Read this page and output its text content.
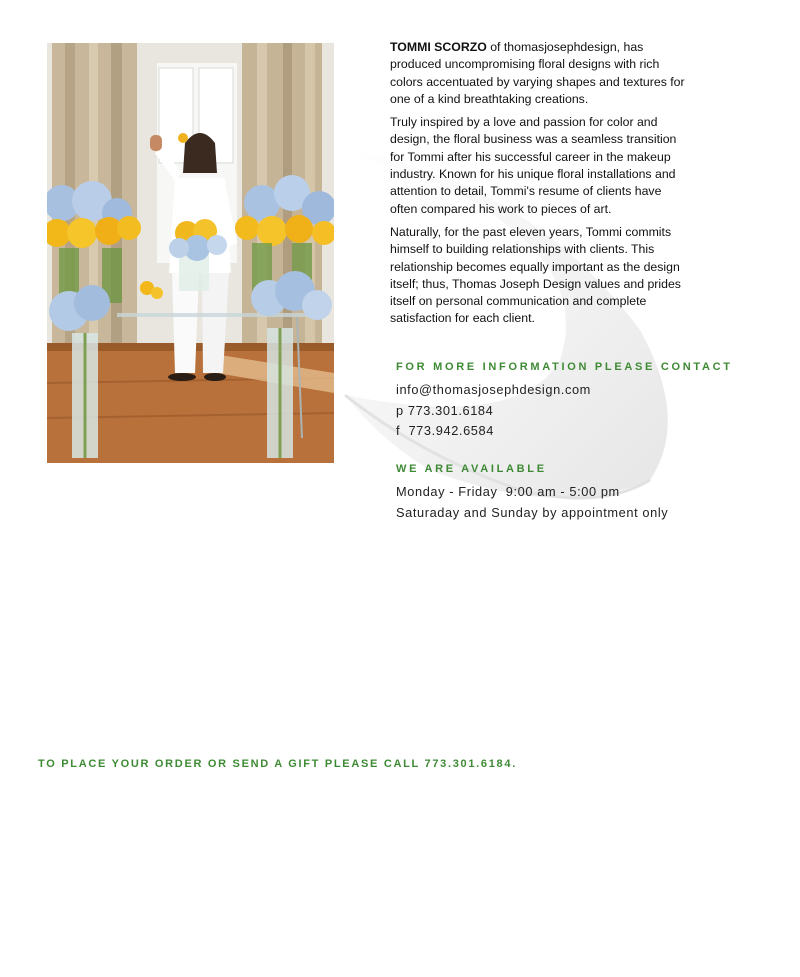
TOMMI SCORZO of thomasjosephdesign, has produced uncompromising floral designs with rich colors accentuated by varying shapes and textures for one of a kind breathtaking creations.

Truly inspired by a love and passion for color and design, the floral business was a seamless transition for Tommi after his successful career in the makeup industry. Known for his unique floral installations and attention to detail, Tommi's resume of clients have often compared his work to pieces of art.

Naturally, for the past eleven years, Tommi commits himself to building relationships with clients. This relationship becomes equally important as the design itself; thus, Thomas Joseph Design values and prides itself on personal communication and complete satisfaction for each client.

FOR MORE INFORMATION PLEASE CONTACT
info@thomasjosephdesign.com
p 773.301.6184
f  773.942.6584
WE ARE AVAILABLE
Monday - Friday  9:00 am - 5:00 pm
Saturaday and Sunday by appointment only
TO PLACE YOUR ORDER OR SEND A GIFT PLEASE CALL 773.301.6184.
